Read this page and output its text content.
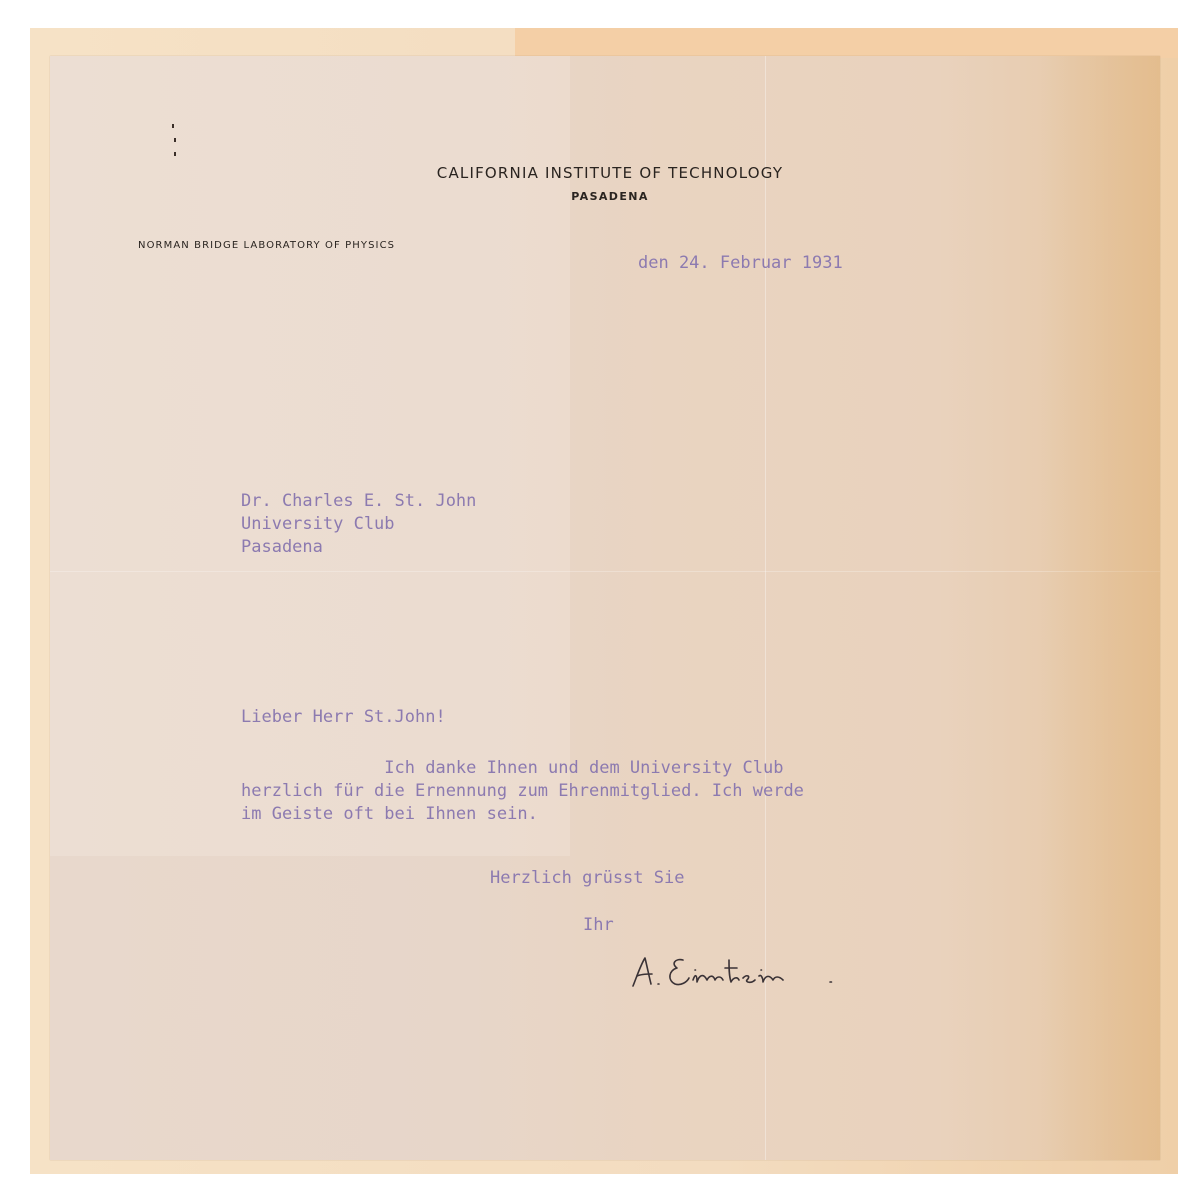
CALIFORNIA INSTITUTE OF TECHNOLOGY
PASADENA
NORMAN BRIDGE LABORATORY OF PHYSICS
den 24. Februar 1931
Dr. Charles E. St. John
University Club
Pasadena
Lieber Herr St.John!
Ich danke Ihnen und dem University Club
herzlich für die Ernennung zum Ehrenmitglied. Ich werde
im Geiste oft bei Ihnen sein.
Herzlich grüsst Sie
Ihr
